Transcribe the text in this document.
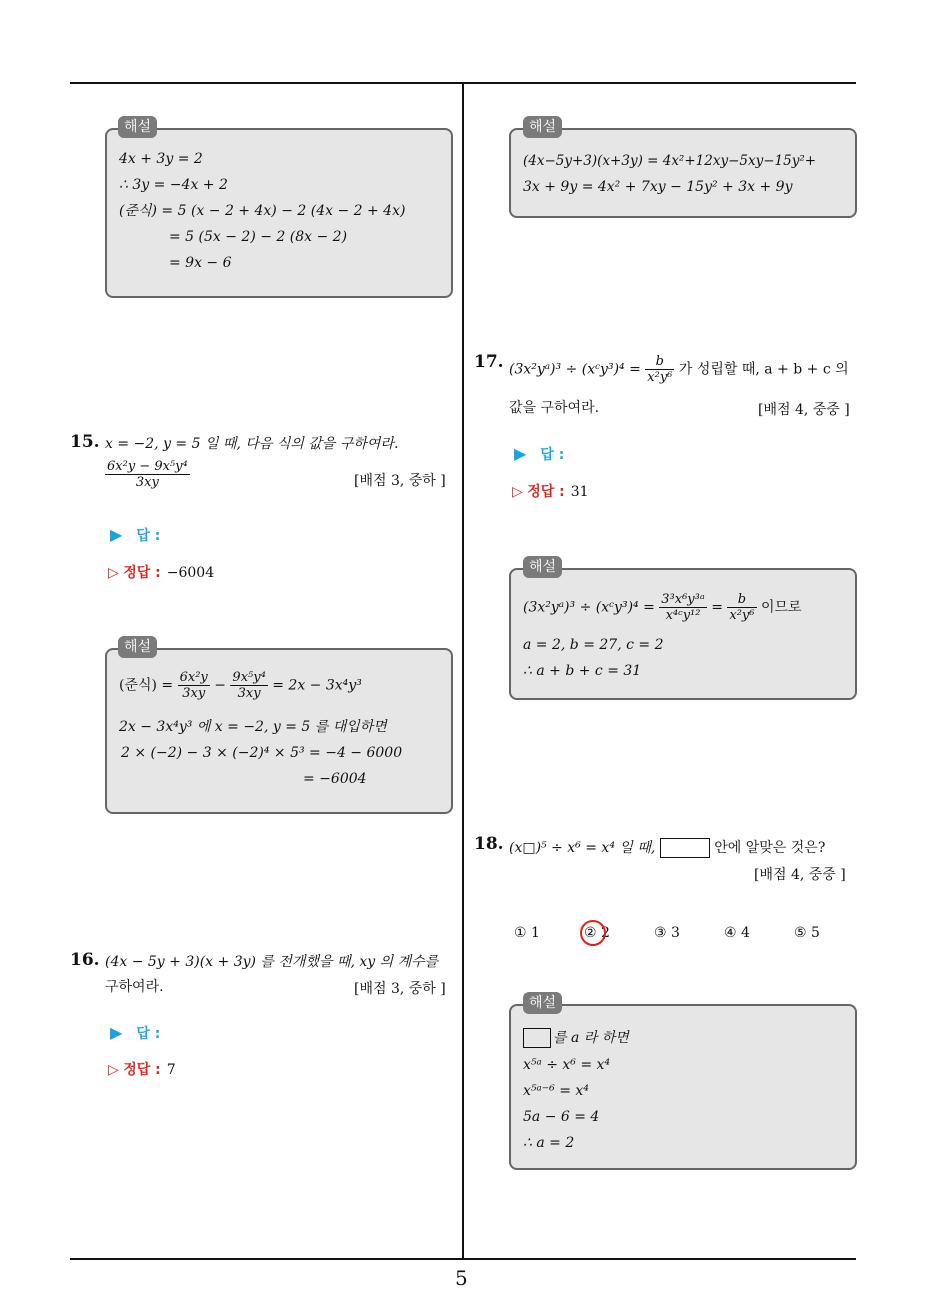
5
4x + 3y = 2
∴ 3y = −4x + 2
(준식) = 5 (x − 2 + 4x) − 2 (4x − 2 + 4x)
= 5 (5x − 2) − 2 (8x − 2)
= 9x − 6
해설
15. x = −2, y = 5 일 때, 다음 식의 값을 구하여라.
$\frac{\text{6x²y − 9x⁵y⁴}}{3xy}$	[배점 3, 중하 ]
▶ 답 :
▷ 정답 : −6004
(준식) = $\frac{\text{6x²y}}{3xy} - \frac{\text{9x⁵y⁴}}{3xy} = 2x - 3x^4y^3$
2x − 3x⁴y³ 에 x = −2, y = 5 를 대입하면
2 × (−2) − 3 × (−2)⁴ × 5³ = −4 − 6000
= −6004
해설
16. (4x − 5y + 3)(x + 3y) 를 전개했을 때, xy 의 계수를
구하여라.	[배점 3, 중하 ]
▶ 답 :
▷ 정답 : 7
(4x−5y+3)(x+3y) = 4x²+12xy−5xy−15y²+
3x + 9y = 4x² + 7xy − 15y² + 3x + 9y
해설
17. (3x²yᵃ)³ ÷ (xᶜy³)⁴ = $\frac{b}{\text{x²y⁶}}$ 가 성립할 때, a + b + c 의
값을 구하여라.	[배점 4, 중중 ]
▶ 답 :
▷ 정답 : 31
(3x²yᵃ)³ ÷ (xᶜy³)⁴ = $\frac{\text{3³x⁶y³ᵃ}}{\text{x⁴ᶜy¹²}} = \frac{b}{\text{x²y⁶}}$ 이므로
a = 2, b = 27, c = 2
∴ a + b + c = 31
해설
18. (x□)⁵ ÷ x⁶ = x⁴ 일 때,	안에 알맞은 것은?
[배점 4, 중중 ]
① 1	② 2	③ 3	④ 4	⑤ 5
를 a 라 하면
x⁵ᵃ ÷ x⁶ = x⁴
x⁵ᵃ⁻⁶ = x⁴
5a − 6 = 4
∴ a = 2
해설
